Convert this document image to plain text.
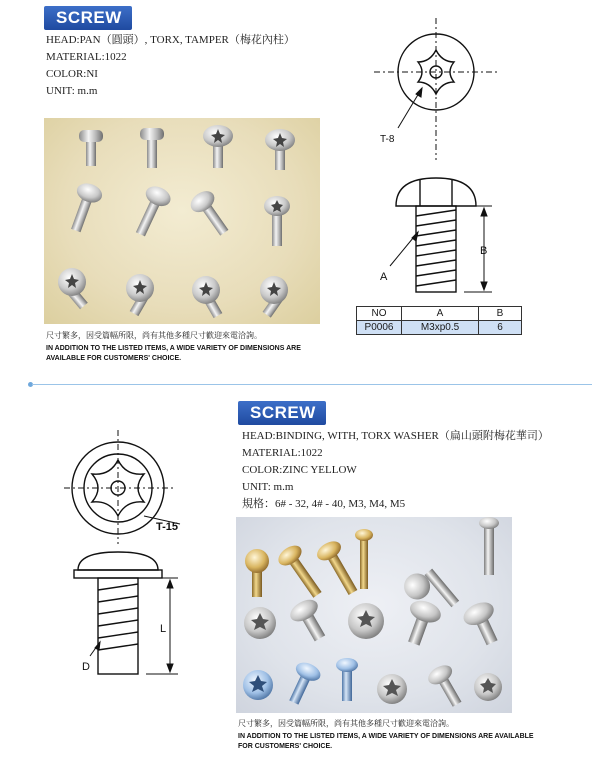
SCREW
HEAD:PAN（圓頭）, TORX, TAMPER（梅花內柱）
MATERIAL:1022
COLOR:NI
UNIT: m.m
尺寸繁多，因受篇幅所限，尚有其他多種尺寸歡迎來電洽詢。
IN ADDITION TO THE LISTED ITEMS, A WIDE VARIETY OF DIMENSIONS ARE AVAILABLE FOR CUSTOMERS' CHOICE.
T-8
B
A
NO	A	B
P0006	M3xp0.5	6
SCREW
HEAD:BINDING, WITH, TORX WASHER（扁山頭附梅花華司）
MATERIAL:1022
COLOR:ZINC YELLOW
UNIT: m.m
規格：6# - 32, 4# - 40, M3, M4, M5
T-15
L
D
尺寸繁多，因受篇幅所限，尚有其他多種尺寸歡迎來電洽詢。
IN ADDITION TO THE LISTED ITEMS, A WIDE VARIETY OF DIMENSIONS ARE AVAILABLE FOR CUSTOMERS' CHOICE.
